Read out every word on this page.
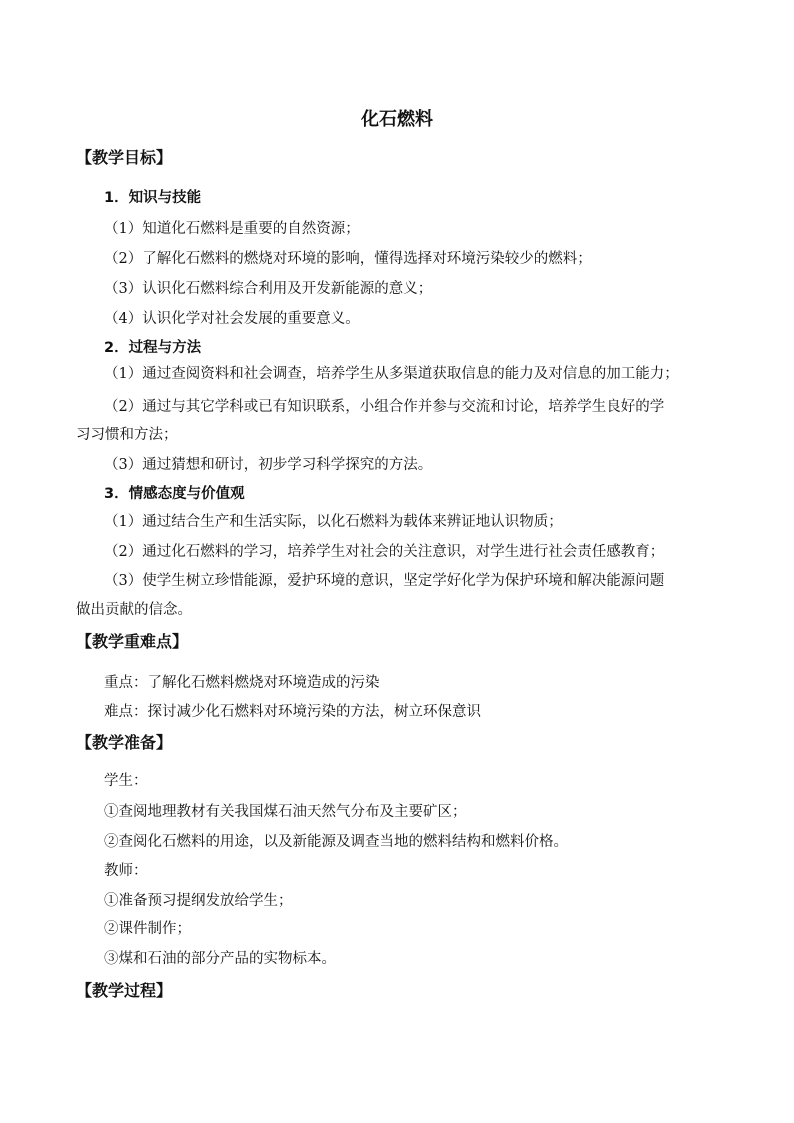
化石燃料

【教学目标】

1．知识与技能

（1）知道化石燃料是重要的自然资源；

（2）了解化石燃料的燃烧对环境的影响，懂得选择对环境污染较少的燃料；

（3）认识化石燃料综合利用及开发新能源的意义；

（4）认识化学对社会发展的重要意义。

2．过程与方法

（1）通过查阅资料和社会调查，培养学生从多渠道获取信息的能力及对信息的加工能力；

（2）通过与其它学科或已有知识联系，小组合作并参与交流和讨论，培养学生良好的学

习习惯和方法；

（3）通过猜想和研讨，初步学习科学探究的方法。

3．情感态度与价值观

（1）通过结合生产和生活实际，以化石燃料为载体来辨证地认识物质；

（2）通过化石燃料的学习，培养学生对社会的关注意识，对学生进行社会责任感教育；

（3）使学生树立珍惜能源，爱护环境的意识，坚定学好化学为保护环境和解决能源问题

做出贡献的信念。

【教学重难点】

重点：了解化石燃料燃烧对环境造成的污染

难点：探讨减少化石燃料对环境污染的方法，树立环保意识

【教学准备】

学生：

①查阅地理教材有关我国煤石油天然气分布及主要矿区；

②查阅化石燃料的用途，以及新能源及调查当地的燃料结构和燃料价格。

教师：

①准备预习提纲发放给学生；

②课件制作；

③煤和石油的部分产品的实物标本。

【教学过程】
